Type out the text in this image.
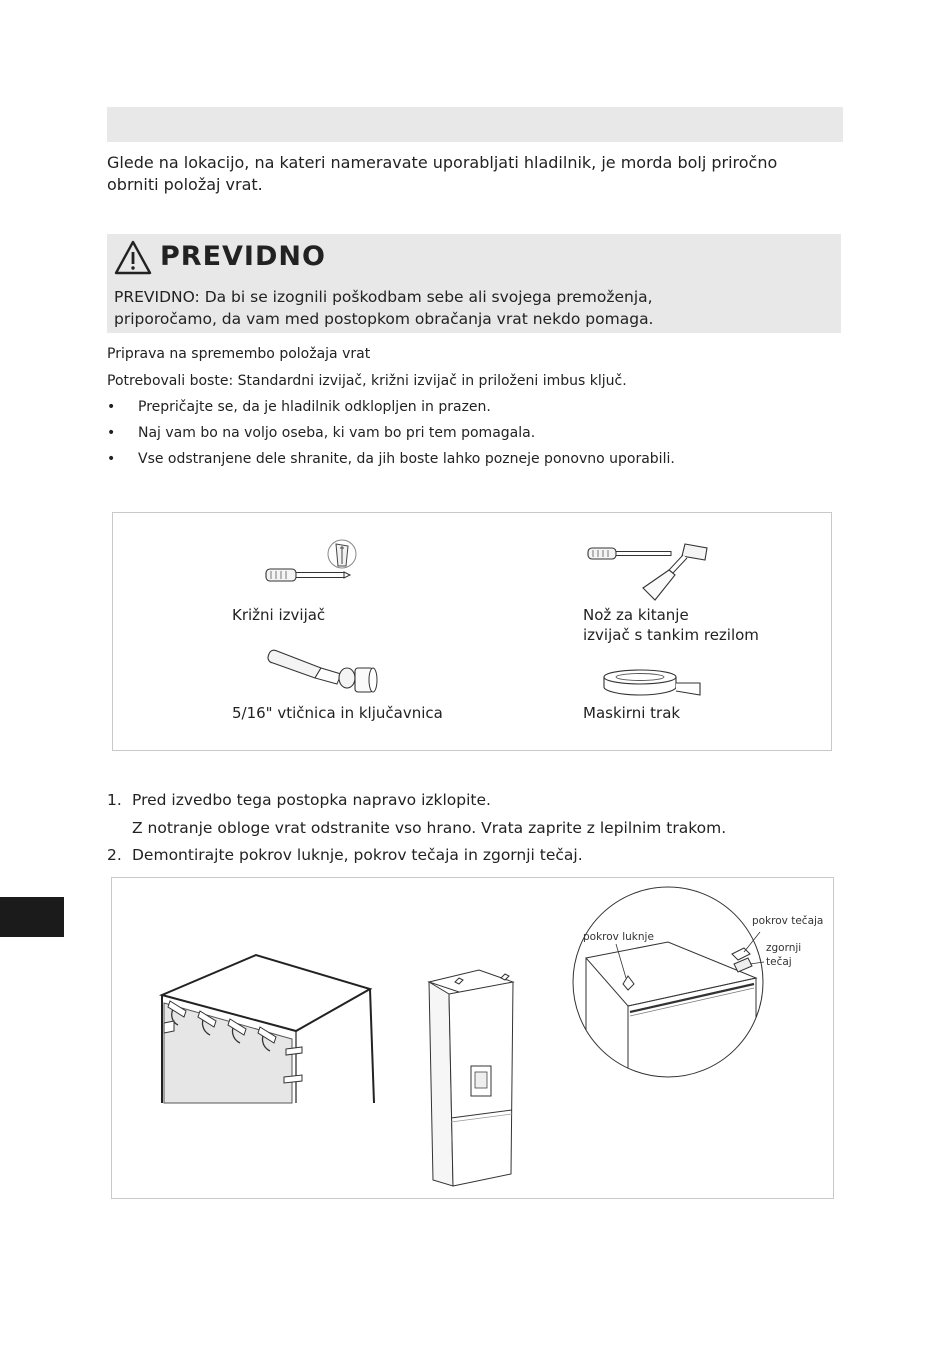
Glede na lokacijo, na kateri nameravate uporabljati hladilnik, je morda bolj priročno
obrniti položaj vrat.
PREVIDNO
PREVIDNO: Da bi se izognili poškodbam sebe ali svojega premoženja,
priporočamo, da vam med postopkom obračanja vrat nekdo pomaga.
Priprava na spremembo položaja vrat
Potrebovali boste: Standardni izvijač, križni izvijač in priloženi imbus ključ.
• Prepričajte se, da je hladilnik odklopljen in prazen.
• Naj vam bo na voljo oseba, ki vam bo pri tem pomagala.
• Vse odstranjene dele shranite, da jih boste lahko pozneje ponovno uporabili.
Križni izvijač	Nož za kitanje
izvijač s tankim rezilom
5/16" vtičnica in ključavnica	Maskirni trak
1. Pred izvedbo tega postopka napravo izklopite.
Z notranje obloge vrat odstranite vso hrano. Vrata zaprite z lepilnim trakom.
2. Demontirajte pokrov luknje, pokrov tečaja in zgornji tečaj.
pokrov luknje
pokrov tečaja
zgornji
tečaj
